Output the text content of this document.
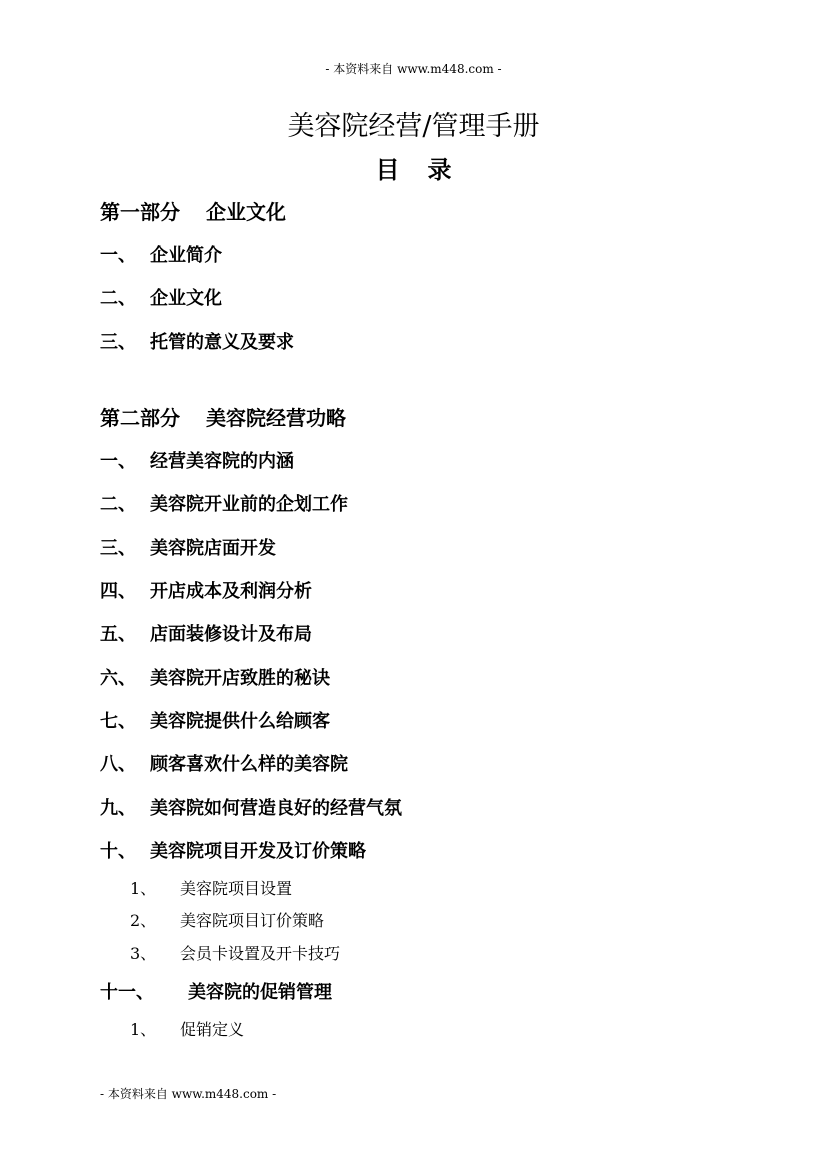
- 本资料来自 www.m448.com -
美容院经营/管理手册
目 录
第一部分 企业文化
一、 企业简介
二、 企业文化
三、 托管的意义及要求
第二部分 美容院经营功略
一、 经营美容院的内涵
二、 美容院开业前的企划工作
三、 美容院店面开发
四、 开店成本及利润分析
五、 店面装修设计及布局
六、 美容院开店致胜的秘诀
七、 美容院提供什么给顾客
八、 顾客喜欢什么样的美容院
九、 美容院如何营造良好的经营气氛
十、 美容院项目开发及订价策略
1、 美容院项目设置
2、 美容院项目订价策略
3、 会员卡设置及开卡技巧
十一、 美容院的促销管理
1、 促销定义
- 本资料来自 www.m448.com -
